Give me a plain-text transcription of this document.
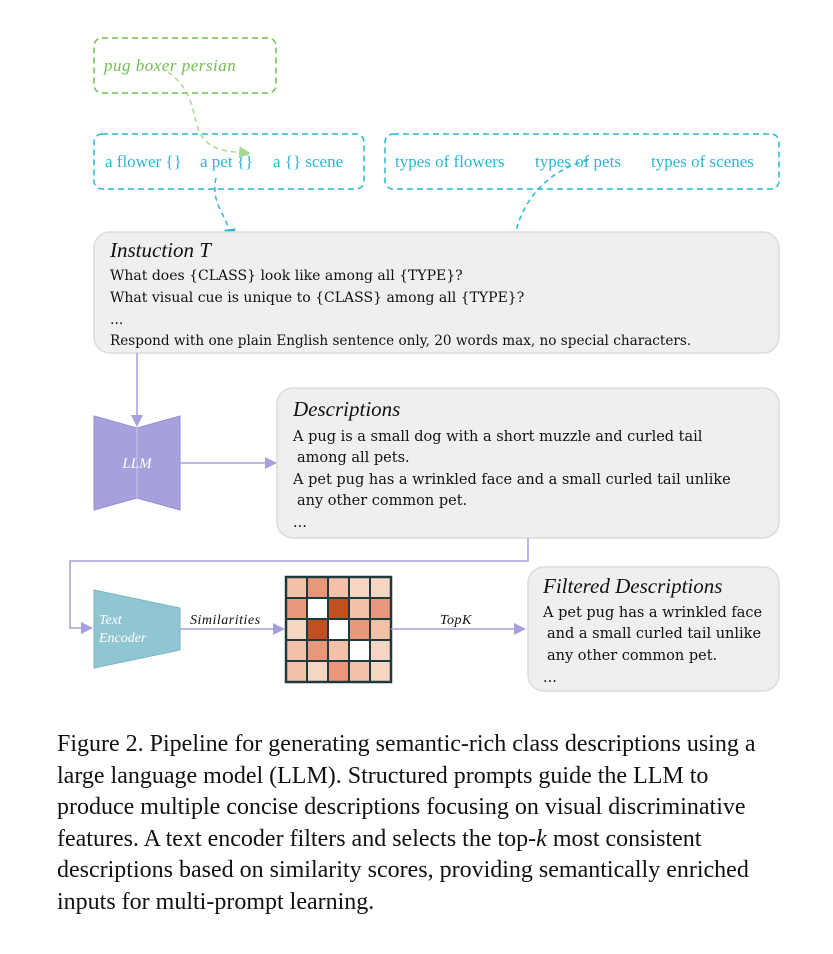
pug boxer persian
a flower {} a pet {} a {} scene	types of flowers types of pets types of scenes
Instuction T
What does {CLASS} look like among all {TYPE}?
What visual cue is unique to {CLASS} among all {TYPE}?
...
Respond with one plain English sentence only, 20 words max, no special characters.
LLM
Descriptions
A pug is a small dog with a short muzzle and curled tail
among all pets.
A pet pug has a wrinkled face and a small curled tail unlike
any other common pet.
...
Text
Encoder
Similarities	TopK
Filtered Descriptions
A pet pug has a wrinkled face
and a small curled tail unlike
any other common pet.
...

Figure 2. Pipeline for generating semantic-rich class descriptions using a large language model (LLM). Structured prompts guide the LLM to produce multiple concise descriptions focusing on visual discriminative features. A text encoder filters and selects the top-k most consistent descriptions based on similarity scores, providing semantically enriched inputs for multi-prompt learning.
